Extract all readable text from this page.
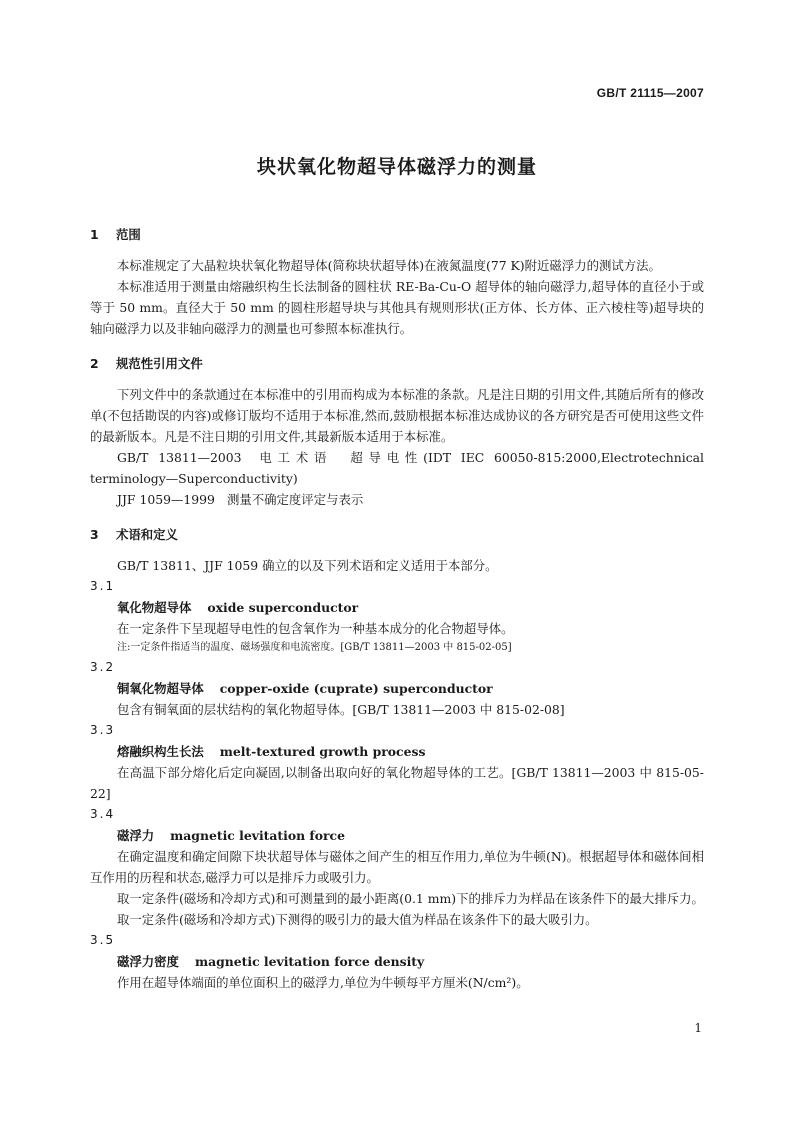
GB/T 21115—2007
块状氧化物超导体磁浮力的测量
1 范围

本标准规定了大晶粒块状氧化物超导体(简称块状超导体)在液氮温度(77 K)附近磁浮力的测试方法。

本标准适用于测量由熔融织构生长法制备的圆柱状 RE-Ba-Cu-O 超导体的轴向磁浮力,超导体的直径小于或等于 50 mm。直径大于 50 mm 的圆柱形超导块与其他具有规则形状(正方体、长方体、正六棱柱等)超导块的轴向磁浮力以及非轴向磁浮力的测量也可参照本标准执行。

2 规范性引用文件

下列文件中的条款通过在本标准中的引用而构成为本标准的条款。凡是注日期的引用文件,其随后所有的修改单(不包括勘误的内容)或修订版均不适用于本标准,然而,鼓励根据本标准达成协议的各方研究是否可使用这些文件的最新版本。凡是不注日期的引用文件,其最新版本适用于本标准。

GB/T 13811—2003 电工术语　超导电性(IDT IEC 60050-815:2000,Electrotechnical terminology—Superconductivity)

JJF 1059—1999 测量不确定度评定与表示

3 术语和定义

GB/T 13811、JJF 1059 确立的以及下列术语和定义适用于本部分。

3.1

氧化物超导体 oxide superconductor

在一定条件下呈现超导电性的包含氧作为一种基本成分的化合物超导体。

注:一定条件指适当的温度、磁场强度和电流密度。[GB/T 13811—2003 中 815-02-05]

3.2

铜氧化物超导体 copper-oxide (cuprate) superconductor

包含有铜氧面的层状结构的氧化物超导体。[GB/T 13811—2003 中 815-02-08]

3.3

熔融织构生长法 melt-textured growth process

在高温下部分熔化后定向凝固,以制备出取向好的氧化物超导体的工艺。[GB/T 13811—2003 中 815-05-22]

3.4

磁浮力 magnetic levitation force

在确定温度和确定间隙下块状超导体与磁体之间产生的相互作用力,单位为牛顿(N)。根据超导体和磁体间相互作用的历程和状态,磁浮力可以是排斥力或吸引力。

取一定条件(磁场和冷却方式)和可测量到的最小距离(0.1 mm)下的排斥力为样品在该条件下的最大排斥力。

取一定条件(磁场和冷却方式)下测得的吸引力的最大值为样品在该条件下的最大吸引力。

3.5

磁浮力密度 magnetic levitation force density

作用在超导体端面的单位面积上的磁浮力,单位为牛顿每平方厘米(N/cm²)。

1
